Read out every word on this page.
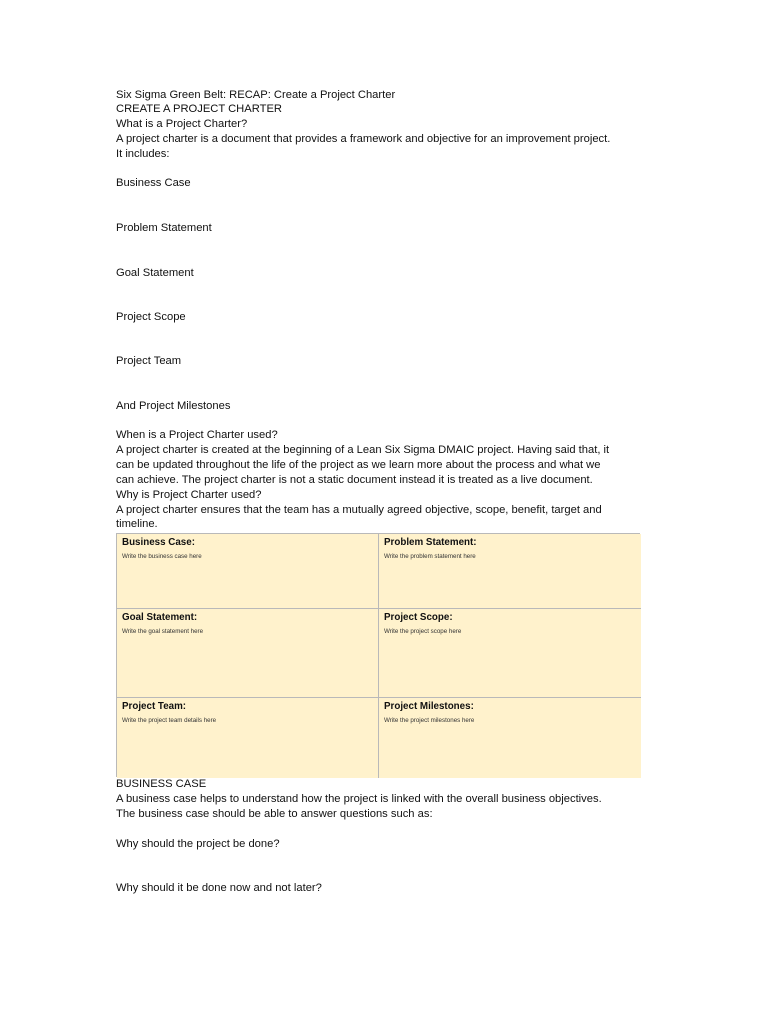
Six Sigma Green Belt: RECAP: Create a Project Charter
CREATE A PROJECT CHARTER
What is a Project Charter?
A project charter is a document that provides a framework and objective for an improvement project.
It includes:
Business Case
Problem Statement
Goal Statement
Project Scope
Project Team
And Project Milestones
When is a Project Charter used?
A project charter is created at the beginning of a Lean Six Sigma DMAIC project. Having said that, it
can be updated throughout the life of the project as we learn more about the process and what we
can achieve. The project charter is not a static document instead it is treated as a live document.
Why is Project Charter used?
A project charter ensures that the team has a mutually agreed objective, scope, benefit, target and
timeline.
Business Case:
Write the business case here
Problem Statement:
Write the problem statement here
Goal Statement:
Write the goal statement here
Project Scope:
Write the project scope here
Project Team:
Write the project team details here
Project Milestones:
Write the project milestones here
BUSINESS CASE
A business case helps to understand how the project is linked with the overall business objectives.
The business case should be able to answer questions such as:
Why should the project be done?
Why should it be done now and not later?
